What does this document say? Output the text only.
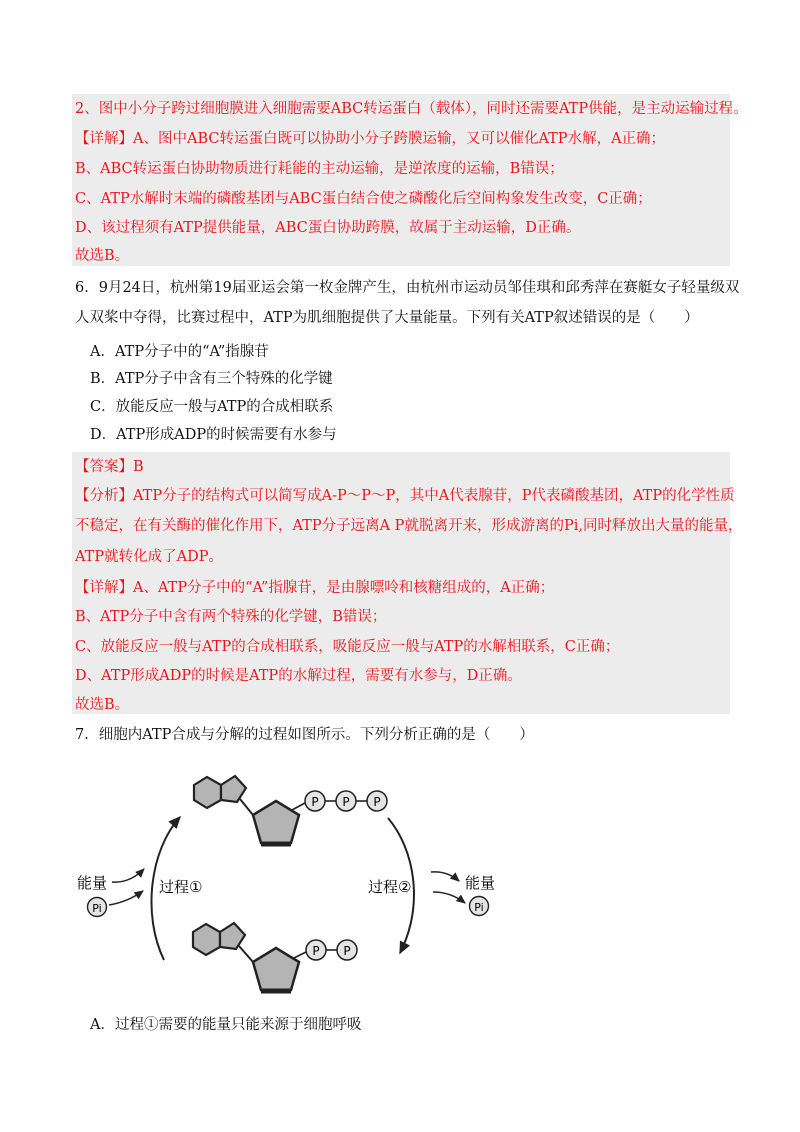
2、图中小分子跨过细胞膜进入细胞需要ABC转运蛋白（载体），同时还需要ATP供能，是主动运输过程。
【详解】A、图中ABC转运蛋白既可以协助小分子跨膜运输，又可以催化ATP水解，A正确；
B、ABC转运蛋白协助物质进行耗能的主动运输，是逆浓度的运输，B错误；
C、ATP水解时末端的磷酸基团与ABC蛋白结合使之磷酸化后空间构象发生改变，C正确；
D、该过程须有ATP提供能量，ABC蛋白协助跨膜，故属于主动运输，D正确。
故选B。
6．9月24日，杭州第19届亚运会第一枚金牌产生，由杭州市运动员邹佳琪和邱秀萍在赛艇女子轻量级双
人双桨中夺得，比赛过程中，ATP为肌细胞提供了大量能量。下列有关ATP叙述错误的是（　　）
A．ATP分子中的“A”指腺苷
B．ATP分子中含有三个特殊的化学键
C．放能反应一般与ATP的合成相联系
D．ATP形成ADP的时候需要有水参与
【答案】B
【分析】ATP分子的结构式可以简写成A-P～P～P，其中A代表腺苷，P代表磷酸基团，ATP的化学性质
不稳定，在有关酶的催化作用下，ATP分子远离A P就脱离开来，形成游离的Pi,同时释放出大量的能量，
ATP就转化成了ADP。
【详解】A、ATP分子中的“A”指腺苷，是由腺嘌呤和核糖组成的，A正确；
B、ATP分子中含有两个特殊的化学键，B错误；
C、放能反应一般与ATP的合成相联系，吸能反应一般与ATP的水解相联系，C正确；
D、ATP形成ADP的时候是ATP的水解过程，需要有水参与，D正确。
故选B。
7．细胞内ATP合成与分解的过程如图所示。下列分析正确的是（　　）
P P P
P P
能量
Pi
过程①	过程②	能量
Pi
A．过程①需要的能量只能来源于细胞呼吸
